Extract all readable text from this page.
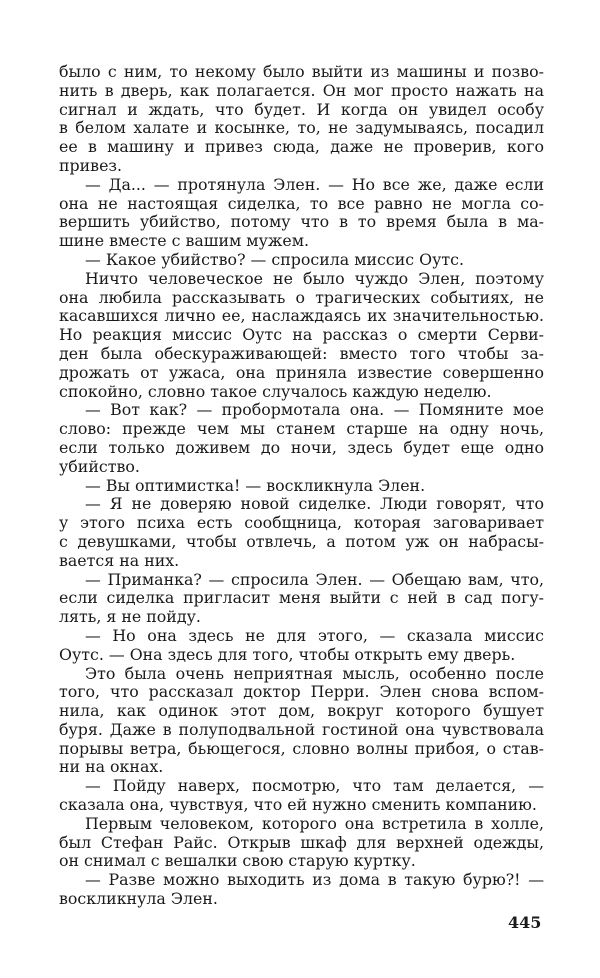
было с ним, то некому было выйти из машины и позво-
нить в дверь, как полагается. Он мог просто нажать на
сигнал и ждать, что будет. И когда он увидел особу
в белом халате и косынке, то, не задумываясь, посадил
ее в машину и привез сюда, даже не проверив, кого
привез.
— Да... — протянула Элен. — Но все же, даже если
она не настоящая сиделка, то все равно не могла со-
вершить убийство, потому что в то время была в ма-
шине вместе с вашим мужем.
— Какое убийство? — спросила миссис Оутс.
Ничто человеческое не было чуждо Элен, поэтому
она любила рассказывать о трагических событиях, не
касавшихся лично ее, наслаждаясь их значительностью.
Но реакция миссис Оутс на рассказ о смерти Серви-
ден была обескураживающей: вместо того чтобы за-
дрожать от ужаса, она приняла известие совершенно
спокойно, словно такое случалось каждую неделю.
— Вот как? — пробормотала она. — Помяните мое
слово: прежде чем мы станем старше на одну ночь,
если только доживем до ночи, здесь будет еще одно
убийство.
— Вы оптимистка! — воскликнула Элен.
— Я не доверяю новой сиделке. Люди говорят, что
у этого психа есть сообщница, которая заговаривает
с девушками, чтобы отвлечь, а потом уж он набрасы-
вается на них.
— Приманка? — спросила Элен. — Обещаю вам, что,
если сиделка пригласит меня выйти с ней в сад погу-
лять, я не пойду.
— Но она здесь не для этого, — сказала миссис
Оутс. — Она здесь для того, чтобы открыть ему дверь.
Это была очень неприятная мысль, особенно после
того, что рассказал доктор Перри. Элен снова вспом-
нила, как одинок этот дом, вокруг которого бушует
буря. Даже в полуподвальной гостиной она чувствовала
порывы ветра, бьющегося, словно волны прибоя, о став-
ни на окнах.
— Пойду наверх, посмотрю, что там делается, —
сказала она, чувствуя, что ей нужно сменить компанию.
Первым человеком, которого она встретила в холле,
был Стефан Райс. Открыв шкаф для верхней одежды,
он снимал с вешалки свою старую куртку.
— Разве можно выходить из дома в такую бурю?! —
воскликнула Элен.
445
